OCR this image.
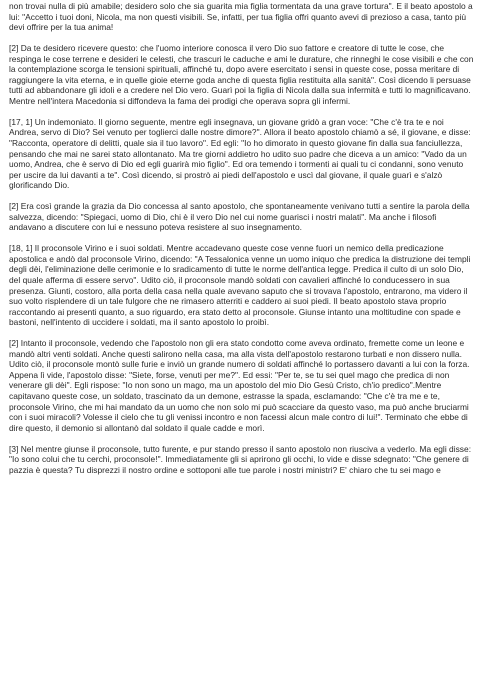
non trovai nulla di più amabile; desidero solo che sia guarita mia figlia tormentata da una grave tortura". E il beato apostolo a lui: "Accetto i tuoi doni, Nicola, ma non questi visibili. Se, infatti, per tua figlia offri quanto avevi di prezioso a casa, tanto più devi offrire per la tua anima!

[2] Da te desidero ricevere questo: che l'uomo interiore conosca il vero Dio suo fattore e creatore di tutte le cose, che respinga le cose terrene e desideri le celesti, che trascuri le caduche e ami le durature, che rinneghi le cose visibili e che con la contemplazione scorga le tensioni spirituali, affinché tu, dopo avere esercitato i sensi in queste cose, possa meritare di raggiungere la vita eterna, e in quelle gioie eterne goda anche di questa figlia restituita alla sanità". Così dicendo li persuase tutti ad abbandonare gli idoli e a credere nel Dio vero. Guarì poi la figlia di Nicola dalla sua infermità e tutti lo magnificavano. Mentre nell'intera Macedonia si diffondeva la fama dei prodigi che operava sopra gli infermi.

[17, 1] Un indemoniato. Il giorno seguente, mentre egli insegnava, un giovane gridò a gran voce: "Che c'è tra te e noi Andrea, servo di Dio? Sei venuto per toglierci dalle nostre dimore?". Allora il beato apostolo chiamò a sé, il giovane, e disse: "Racconta, operatore di delitti, quale sia il tuo lavoro". Ed egli: "Io ho dimorato in questo giovane fin dalla sua fanciullezza, pensando che mai ne sarei stato allontanato. Ma tre giorni addietro ho udito suo padre che diceva a un amico: "Vado da un uomo, Andrea, che è servo di Dio ed egli guarirà mio figlio". Ed ora temendo i tormenti ai quali tu ci condanni, sono venuto per uscire da lui davanti a te". Così dicendo, si prostrò ai piedi dell'apostolo e uscì dal giovane, il quale guarì e s'alzò glorificando Dio.

[2] Era così grande la grazia da Dio concessa al santo apostolo, che spontaneamente venivano tutti a sentire la parola della salvezza, dicendo: "Spiegaci, uomo di Dio, chi è il vero Dio nel cui nome guarisci i nostri malati". Ma anche i filosofi andavano a discutere con lui e nessuno poteva resistere al suo insegnamento.

[18, 1] Il proconsole Virino e i suoi soldati. Mentre accadevano queste cose venne fuori un nemico della predicazione apostolica e andò dal proconsole Virino, dicendo: "A Tessalonica venne un uomo iniquo che predica la distruzione dei templi degli dèi, l'eliminazione delle cerimonie e lo sradicamento di tutte le norme dell'antica legge. Predica il culto di un solo Dio, del quale afferma di essere servo". Udito ciò, il proconsole mandò soldati con cavalieri affinché lo conducessero in sua presenza. Giunti, costoro, alla porta della casa nella quale avevano saputo che si trovava l'apostolo, entrarono, ma videro il suo volto risplendere di un tale fulgore che ne rimasero atterriti e caddero ai suoi piedi. Il beato apostolo stava proprio raccontando ai presenti quanto, a suo riguardo, era stato detto al proconsole. Giunse intanto una moltitudine con spade e bastoni, nell'intento di uccidere i soldati, ma il santo apostolo lo proibì.

[2] Intanto il proconsole, vedendo che l'apostolo non gli era stato condotto come aveva ordinato, fremette come un leone e mandò altri venti soldati. Anche questi salirono nella casa, ma alla vista dell'apostolo restarono turbati e non dissero nulla. Udito ciò, il proconsole montò sulle furie e inviò un grande numero di soldati affinché lo portassero davanti a lui con la forza. Appena lì vide, l'apostolo disse: "Siete, forse, venuti per me?". Ed essi: "Per te, se tu sei quel mago che predica di non venerare gli dèi". Egli rispose: "Io non sono un mago, ma un apostolo del mio Dio Gesù Cristo, ch'io predico".Mentre capitavano queste cose, un soldato, trascinato da un demone, estrasse la spada, esclamando: "Che c'è tra me e te, proconsole Virino, che mi hai mandato da un uomo che non solo mi può scacciare da questo vaso, ma può anche bruciarmi con i suoi miracoli? Volesse il cielo che tu gli venissi incontro e non facessi alcun male contro di lui!". Terminato che ebbe di dire questo, il demonio si allontanò dal soldato il quale cadde e morì.

[3] Nel mentre giunse il proconsole, tutto furente, e pur stando presso il santo apostolo non riusciva a vederlo. Ma egli disse: "Io sono colui che tu cerchi, proconsole!". Immediatamente gli si aprirono gli occhi, lo vide e disse sdegnato: "Che genere di pazzia è questa? Tu disprezzi il nostro ordine e sottoponi alle tue parole i nostri ministri? E' chiaro che tu sei mago e
